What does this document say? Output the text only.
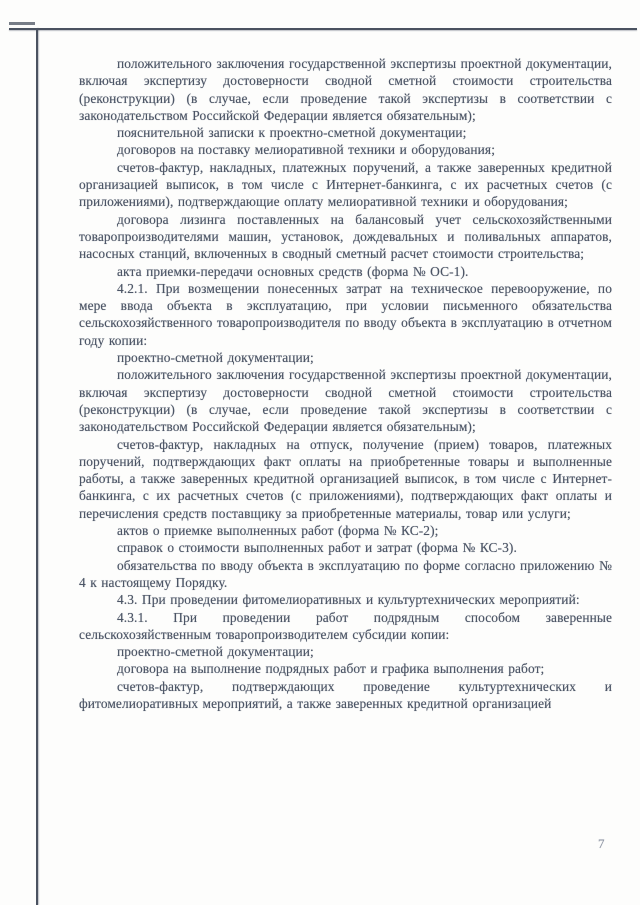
положительного заключения государственной экспертизы проектной документации, включая экспертизу достоверности сводной сметной стоимости строительства (реконструкции) (в случае, если проведение такой экспертизы в соответствии с законодательством Российской Федерации является обязательным);

пояснительной записки к проектно-сметной документации;

договоров на поставку мелиоративной техники и оборудования;

счетов-фактур, накладных, платежных поручений, а также заверенных кредитной организацией выписок, в том числе с Интернет-банкинга, с их расчетных счетов (с приложениями), подтверждающие оплату мелиоративной техники и оборудования;

договора лизинга поставленных на балансовый учет сельскохозяйственными товаропроизводителями машин, установок, дождевальных и поливальных аппаратов, насосных станций, включенных в сводный сметный расчет стоимости строительства;

акта приемки-передачи основных средств (форма № ОС-1).

4.2.1. При возмещении понесенных затрат на техническое перевооружение, по мере ввода объекта в эксплуатацию, при условии письменного обязательства сельскохозяйственного товаропроизводителя по вводу объекта в эксплуатацию в отчетном году копии:

проектно-сметной документации;

положительного заключения государственной экспертизы проектной документации, включая экспертизу достоверности сводной сметной стоимости строительства (реконструкции) (в случае, если проведение такой экспертизы в соответствии с законодательством Российской Федерации является обязательным);

счетов-фактур, накладных на отпуск, получение (прием) товаров, платежных поручений, подтверждающих факт оплаты на приобретенные товары и выполненные работы, а также заверенных кредитной организацией выписок, в том числе с Интернет-банкинга, с их расчетных счетов (с приложениями), подтверждающих факт оплаты и перечисления средств поставщику за приобретенные материалы, товар или услуги;

актов о приемке выполненных работ (форма № КС-2);

справок о стоимости выполненных работ и затрат (форма № КС-3).

обязательства по вводу объекта в эксплуатацию по форме согласно приложению № 4 к настоящему Порядку.

4.3. При проведении фитомелиоративных и культуртехнических мероприятий:

4.3.1. При проведении работ подрядным способом заверенные сельскохозяйственным товаропроизводителем субсидии копии:

проектно-сметной документации;

договора на выполнение подрядных работ и графика выполнения работ;

счетов-фактур, подтверждающих проведение культуртехнических и фитомелиоративных мероприятий, а также заверенных кредитной организацией

7
